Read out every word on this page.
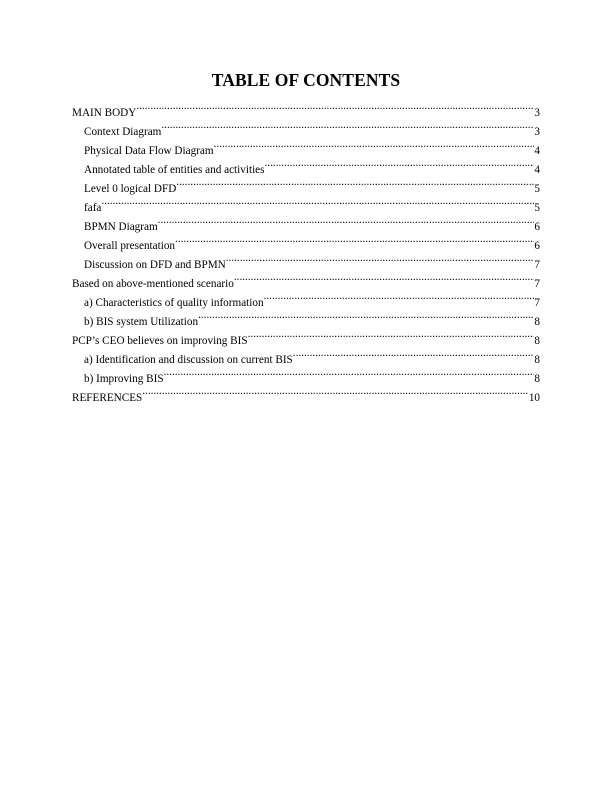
TABLE OF CONTENTS
MAIN BODY .....	3
Context Diagram .....	3
Physical Data Flow Diagram .....	4
Annotated table of entities and activities .....	4
Level 0 logical DFD .....	5
fafa .....	5
BPMN Diagram .....	6
Overall presentation .....	6
Discussion on DFD and BPMN .....	7
Based on above-mentioned scenario .....	7
a) Characteristics of quality information .....	7
b) BIS system Utilization .....	8
PCP’s CEO believes on improving BIS .....	8
a) Identification and discussion on current BIS .....	8
b) Improving BIS .....	8
REFERENCES .....	10
